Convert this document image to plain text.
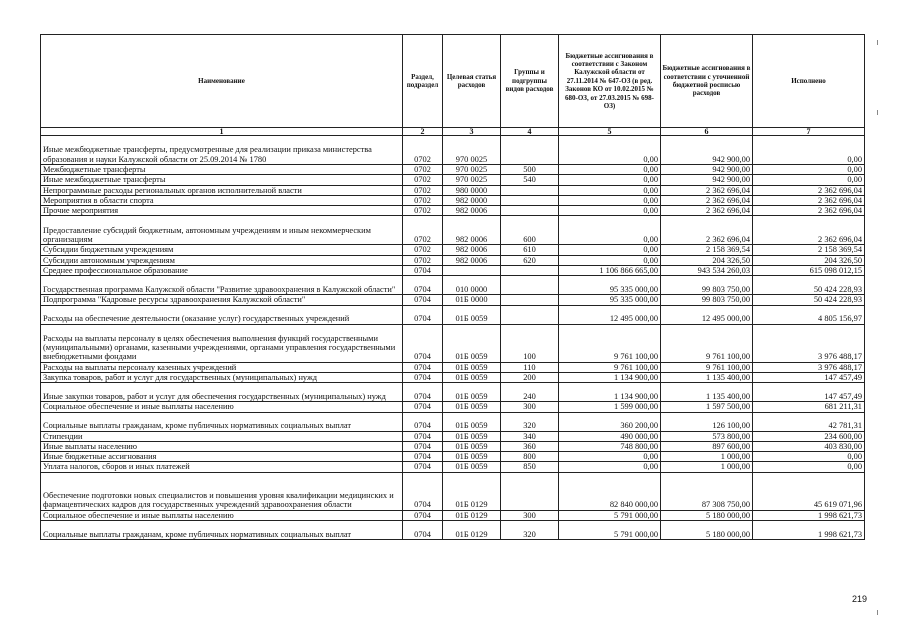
Наименование	Раздел, подраздел	Целевая статья расходов	Группы и подгруппы видов расходов	Бюджетные ассигнования в соответствии с Законом Калужской области от 27.11.2014 № 647-ОЗ (в ред. Законов КО от 10.02.2015 № 680-ОЗ, от 27.03.2015 № 698-ОЗ)	Бюджетные ассигнования в соответствии с уточненной бюджетной росписью расходов	Исполнено
1	2	3	4	5	6	7
Иные межбюджетные трансферты, предусмотренные для реализации приказа министерства образования и науки Калужской области от 25.09.2014 № 1780	0702	970 0025		0,00	942 900,00	0,00
Межбюджетные трансферты	0702	970 0025	500	0,00	942 900,00	0,00
Иные межбюджетные трансферты	0702	970 0025	540	0,00	942 900,00	0,00
Непрограммные расходы региональных органов исполнительной власти	0702	980 0000		0,00	2 362 696,04	2 362 696,04
Мероприятия в области спорта	0702	982 0000		0,00	2 362 696,04	2 362 696,04
Прочие мероприятия	0702	982 0006		0,00	2 362 696,04	2 362 696,04
Предоставление субсидий бюджетным, автономным учреждениям и иным некоммерческим организациям	0702	982 0006	600	0,00	2 362 696,04	2 362 696,04
Субсидии бюджетным учреждениям	0702	982 0006	610	0,00	2 158 369,54	2 158 369,54
Субсидии автономным учреждениям	0702	982 0006	620	0,00	204 326,50	204 326,50
Среднее профессиональное образование	0704			1 106 866 665,00	943 534 260,03	615 098 012,15
Государственная программа Калужской области "Развитие здравоохранения в Калужской области"	0704	010 0000		95 335 000,00	99 803 750,00	50 424 228,93
Подпрограмма "Кадровые ресурсы здравоохранения Калужской области"	0704	01Б 0000		95 335 000,00	99 803 750,00	50 424 228,93
Расходы на обеспечение деятельности (оказание услуг) государственных учреждений	0704	01Б 0059		12 495 000,00	12 495 000,00	4 805 156,97
Расходы на выплаты персоналу в целях обеспечения выполнения функций государственными (муниципальными) органами, казенными учреждениями, органами управления государственными внебюджетными фондами	0704	01Б 0059	100	9 761 100,00	9 761 100,00	3 976 488,17
Расходы на выплаты персоналу казенных учреждений	0704	01Б 0059	110	9 761 100,00	9 761 100,00	3 976 488,17
Закупка товаров, работ и услуг для государственных (муниципальных) нужд	0704	01Б 0059	200	1 134 900,00	1 135 400,00	147 457,49
Иные закупки товаров, работ и услуг для обеспечения государственных (муниципальных) нужд	0704	01Б 0059	240	1 134 900,00	1 135 400,00	147 457,49
Социальное обеспечение и иные выплаты населению	0704	01Б 0059	300	1 599 000,00	1 597 500,00	681 211,31
Социальные выплаты гражданам, кроме публичных нормативных социальных выплат	0704	01Б 0059	320	360 200,00	126 100,00	42 781,31
Стипендии	0704	01Б 0059	340	490 000,00	573 800,00	234 600,00
Иные выплаты населению	0704	01Б 0059	360	748 800,00	897 600,00	403 830,00
Иные бюджетные ассигнования	0704	01Б 0059	800	0,00	1 000,00	0,00
Уплата налогов, сборов и иных платежей	0704	01Б 0059	850	0,00	1 000,00	0,00
Обеспечение подготовки новых специалистов и повышения уровня квалификации медицинских и фармацевтических кадров для государственных учреждений здравоохранения области	0704	01Б 0129		82 840 000,00	87 308 750,00	45 619 071,96
Социальное обеспечение и иные выплаты населению	0704	01Б 0129	300	5 791 000,00	5 180 000,00	1 998 621,73
Социальные выплаты гражданам, кроме публичных нормативных социальных выплат	0704	01Б 0129	320	5 791 000,00	5 180 000,00	1 998 621,73
219
